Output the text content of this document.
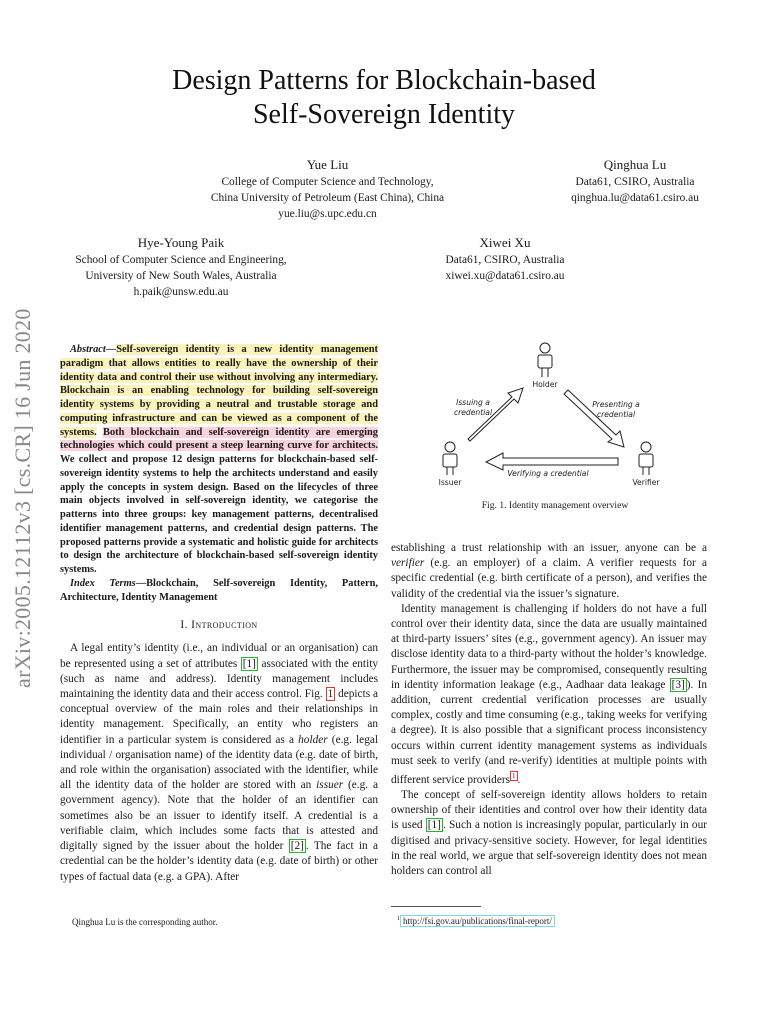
Design Patterns for Blockchain-based
Self-Sovereign Identity
arXiv:2005.12112v3 [cs.CR] 16 Jun 2020
Yue Liu
College of Computer Science and Technology,
China University of Petroleum (East China), China
yue.liu@s.upc.edu.cn
Qinghua Lu
Data61, CSIRO, Australia
qinghua.lu@data61.csiro.au
Hye-Young Paik
School of Computer Science and Engineering,
University of New South Wales, Australia
h.paik@unsw.edu.au
Xiwei Xu
Data61, CSIRO, Australia
xiwei.xu@data61.csiro.au
Abstract—Self-sovereign identity is a new identity management paradigm that allows entities to really have the ownership of their identity data and control their use without involving any intermediary. Blockchain is an enabling technology for building self-sovereign identity systems by providing a neutral and trustable storage and computing infrastructure and can be viewed as a component of the systems. Both blockchain and self-sovereign identity are emerging technologies which could present a steep learning curve for architects. We collect and propose 12 design patterns for blockchain-based self-sovereign identity systems to help the architects understand and easily apply the concepts in system design. Based on the lifecycles of three main objects involved in self-sovereign identity, we categorise the patterns into three groups: key management patterns, decentralised identifier management patterns, and credential design patterns. The proposed patterns provide a systematic and holistic guide for architects to design the architecture of blockchain-based self-sovereign identity systems.
Index Terms—Blockchain, Self-sovereign Identity, Pattern, Architecture, Identity Management

I. Introduction

A legal entity’s identity (i.e., an individual or an organisation) can be represented using a set of attributes [1] associated with the entity (such as name and address). Identity management includes maintaining the identity data and their access control. Fig. 1 depicts a conceptual overview of the main roles and their relationships in identity management. Specifically, an entity who registers an identifier in a particular system is considered as a holder (e.g. legal individual / organisation name) of the identity data (e.g. date of birth, and role within the organisation) associated with the identifier, while all the identity data of the holder are stored with an issuer (e.g. a government agency). Note that the holder of an identifier can sometimes also be an issuer to identify itself. A credential is a verifiable claim, which includes some facts that is attested and digitally signed by the issuer about the holder [2] . The fact in a credential can be the holder’s identity data (e.g. date of birth) or other types of factual data (e.g. a GPA). After

Qinghua Lu is the corresponding author.
Holder
Issuer	Verifier
Issuing a
credential
Presenting a
credential
Verifying a credential
Fig. 1. Identity management overview

establishing a trust relationship with an issuer, anyone can be a verifier (e.g. an employer) of a claim. A verifier requests for a specific credential (e.g. birth certificate of a person), and verifies the validity of the credential via the issuer’s signature.

Identity management is challenging if holders do not have a full control over their identity data, since the data are usually maintained at third-party issuers’ sites (e.g., government agency). An issuer may disclose identity data to a third-party without the holder’s knowledge. Furthermore, the issuer may be compromised, consequently resulting in identity information leakage (e.g., Aadhaar data leakage [3] ). In addition, current credential verification processes are usually complex, costly and time consuming (e.g., taking weeks for verifying a degree). It is also possible that a significant process inconsistency occurs within current identity management systems as individuals must seek to verify (and re-verify) identities at multiple points with different service providers $^1$ .

The concept of self-sovereign identity allows holders to retain ownership of their identities and control over how their identity data is used [1] . Such a notion is increasingly popular, particularly in our digitised and privacy-sensitive society. However, for legal identities in the real world, we argue that self-sovereign identity does not mean holders can control all

$^1$ http://fsi.gov.au/publications/final-report/
